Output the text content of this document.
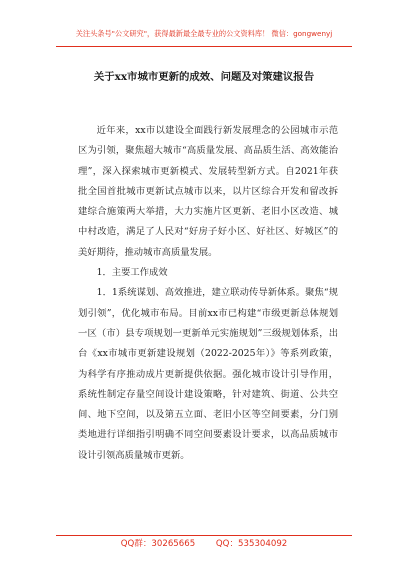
关注头条号"公文研究"，获得最新最全最专业的公文资料库！ 微信：gongwenyj
关于xx市城市更新的成效、问题及对策建议报告

近年来，xx市以建设全面践行新发展理念的公园城市示范区为引领，聚焦超大城市“高质量发展、高品质生活、高效能治理”，深入探索城市更新模式、发展转型新方式。自2021年获批全国首批城市更新试点城市以来，以片区综合开发和留改拆建综合施策两大举措，大力实施片区更新、老旧小区改造、城中村改造，满足了人民对“好房子好小区、好社区、好城区”的美好期待，推动城市高质量发展。

1．主要工作成效

1．1系统谋划、高效推进，建立联动传导新体系。聚焦“规划引领”，优化城市布局。目前xx市已构建“市级更新总体规划一区（市）县专项规划一更新单元实施规划”三级规划体系，出台《xx市城市更新建设规划（2022-2025年）》等系列政策，为科学有序推动成片更新提供依据。强化城市设计引导作用，系统性制定存量空间设计建设策略，针对建筑、街道、公共空间、地下空间，以及第五立面、老旧小区等空间要素，分门别类地进行详细指引明确不同空间要素设计要求，以高品质城市设计引领高质量城市更新。

QQ群：30265665 QQ：535304092
